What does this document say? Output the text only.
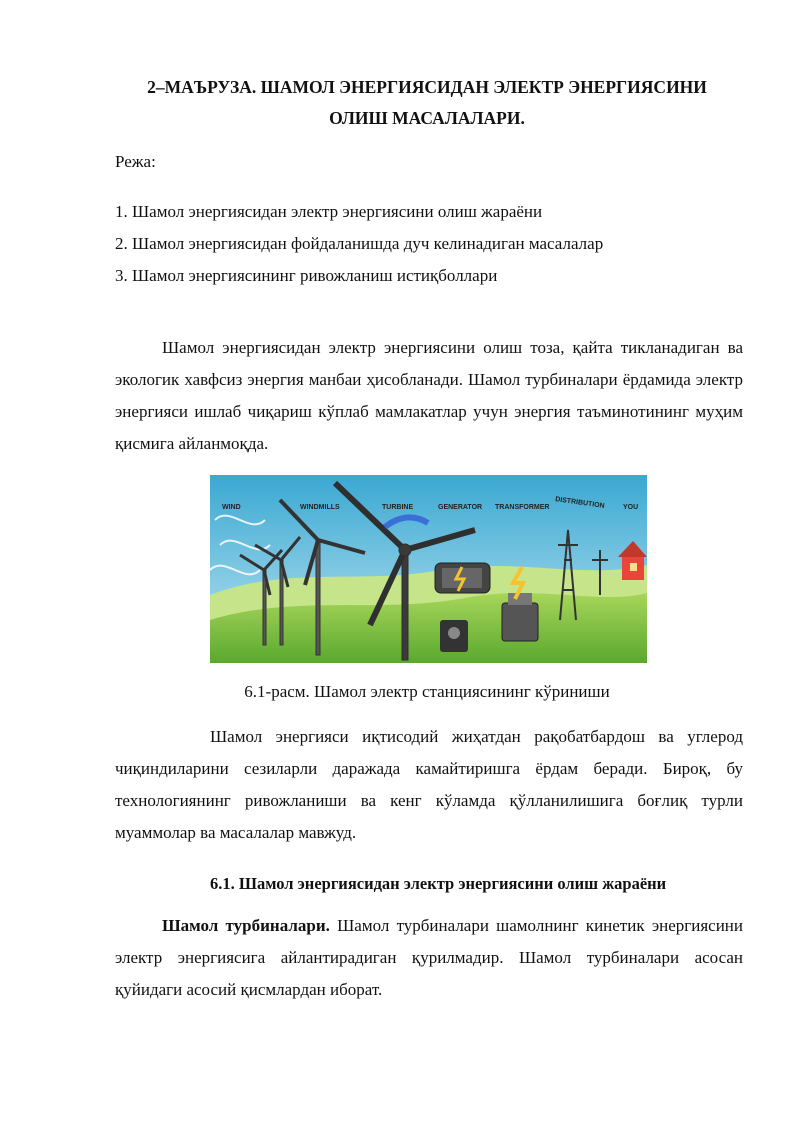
2–МАЪРУЗА. ШАМОЛ ЭНЕРГИЯСИДАН ЭЛЕКТР ЭНЕРГИЯСИНИ
ОЛИШ МАСАЛАЛАРИ.
Режа:
1. Шамол энергиясидан электр энергиясини олиш жараёни
2. Шамол энергиясидан фойдаланишда дуч келинадиган масалалар
3. Шамол энергиясининг ривожланиш истиқболлари

Шамол энергиясидан электр энергиясини олиш тоза, қайта тикланадиган ва экологик хавфсиз энергия манбаи ҳисобланади. Шамол турбиналари ёрдамида электр энергияси ишлаб чиқариш кўплаб мамлакатлар учун энергия таъминотининг муҳим қисмига айланмоқда.

WIND	WINDMILLS	TURBINE	GENERATOR TRANSFORMER DISTRIBUTION	YOU
6.1-расм. Шамол электр станциясининг кўриниши

Шамол энергияси иқтисодий жиҳатдан рақобатбардош ва углерод чиқиндиларини сезиларли даражада камайтиришга ёрдам беради. Бироқ, бу технологиянинг ривожланиши ва кенг кўламда қўлланилишига боғлиқ турли муаммолар ва масалалар мавжуд.

6.1. Шамол энергиясидан электр энергиясини олиш жараёни

Шамол турбиналари. Шамол турбиналари шамолнинг кинетик энергиясини электр энергиясига айлантирадиган қурилмадир. Шамол турбиналари асосан қуйидаги асосий қисмлардан иборат.
